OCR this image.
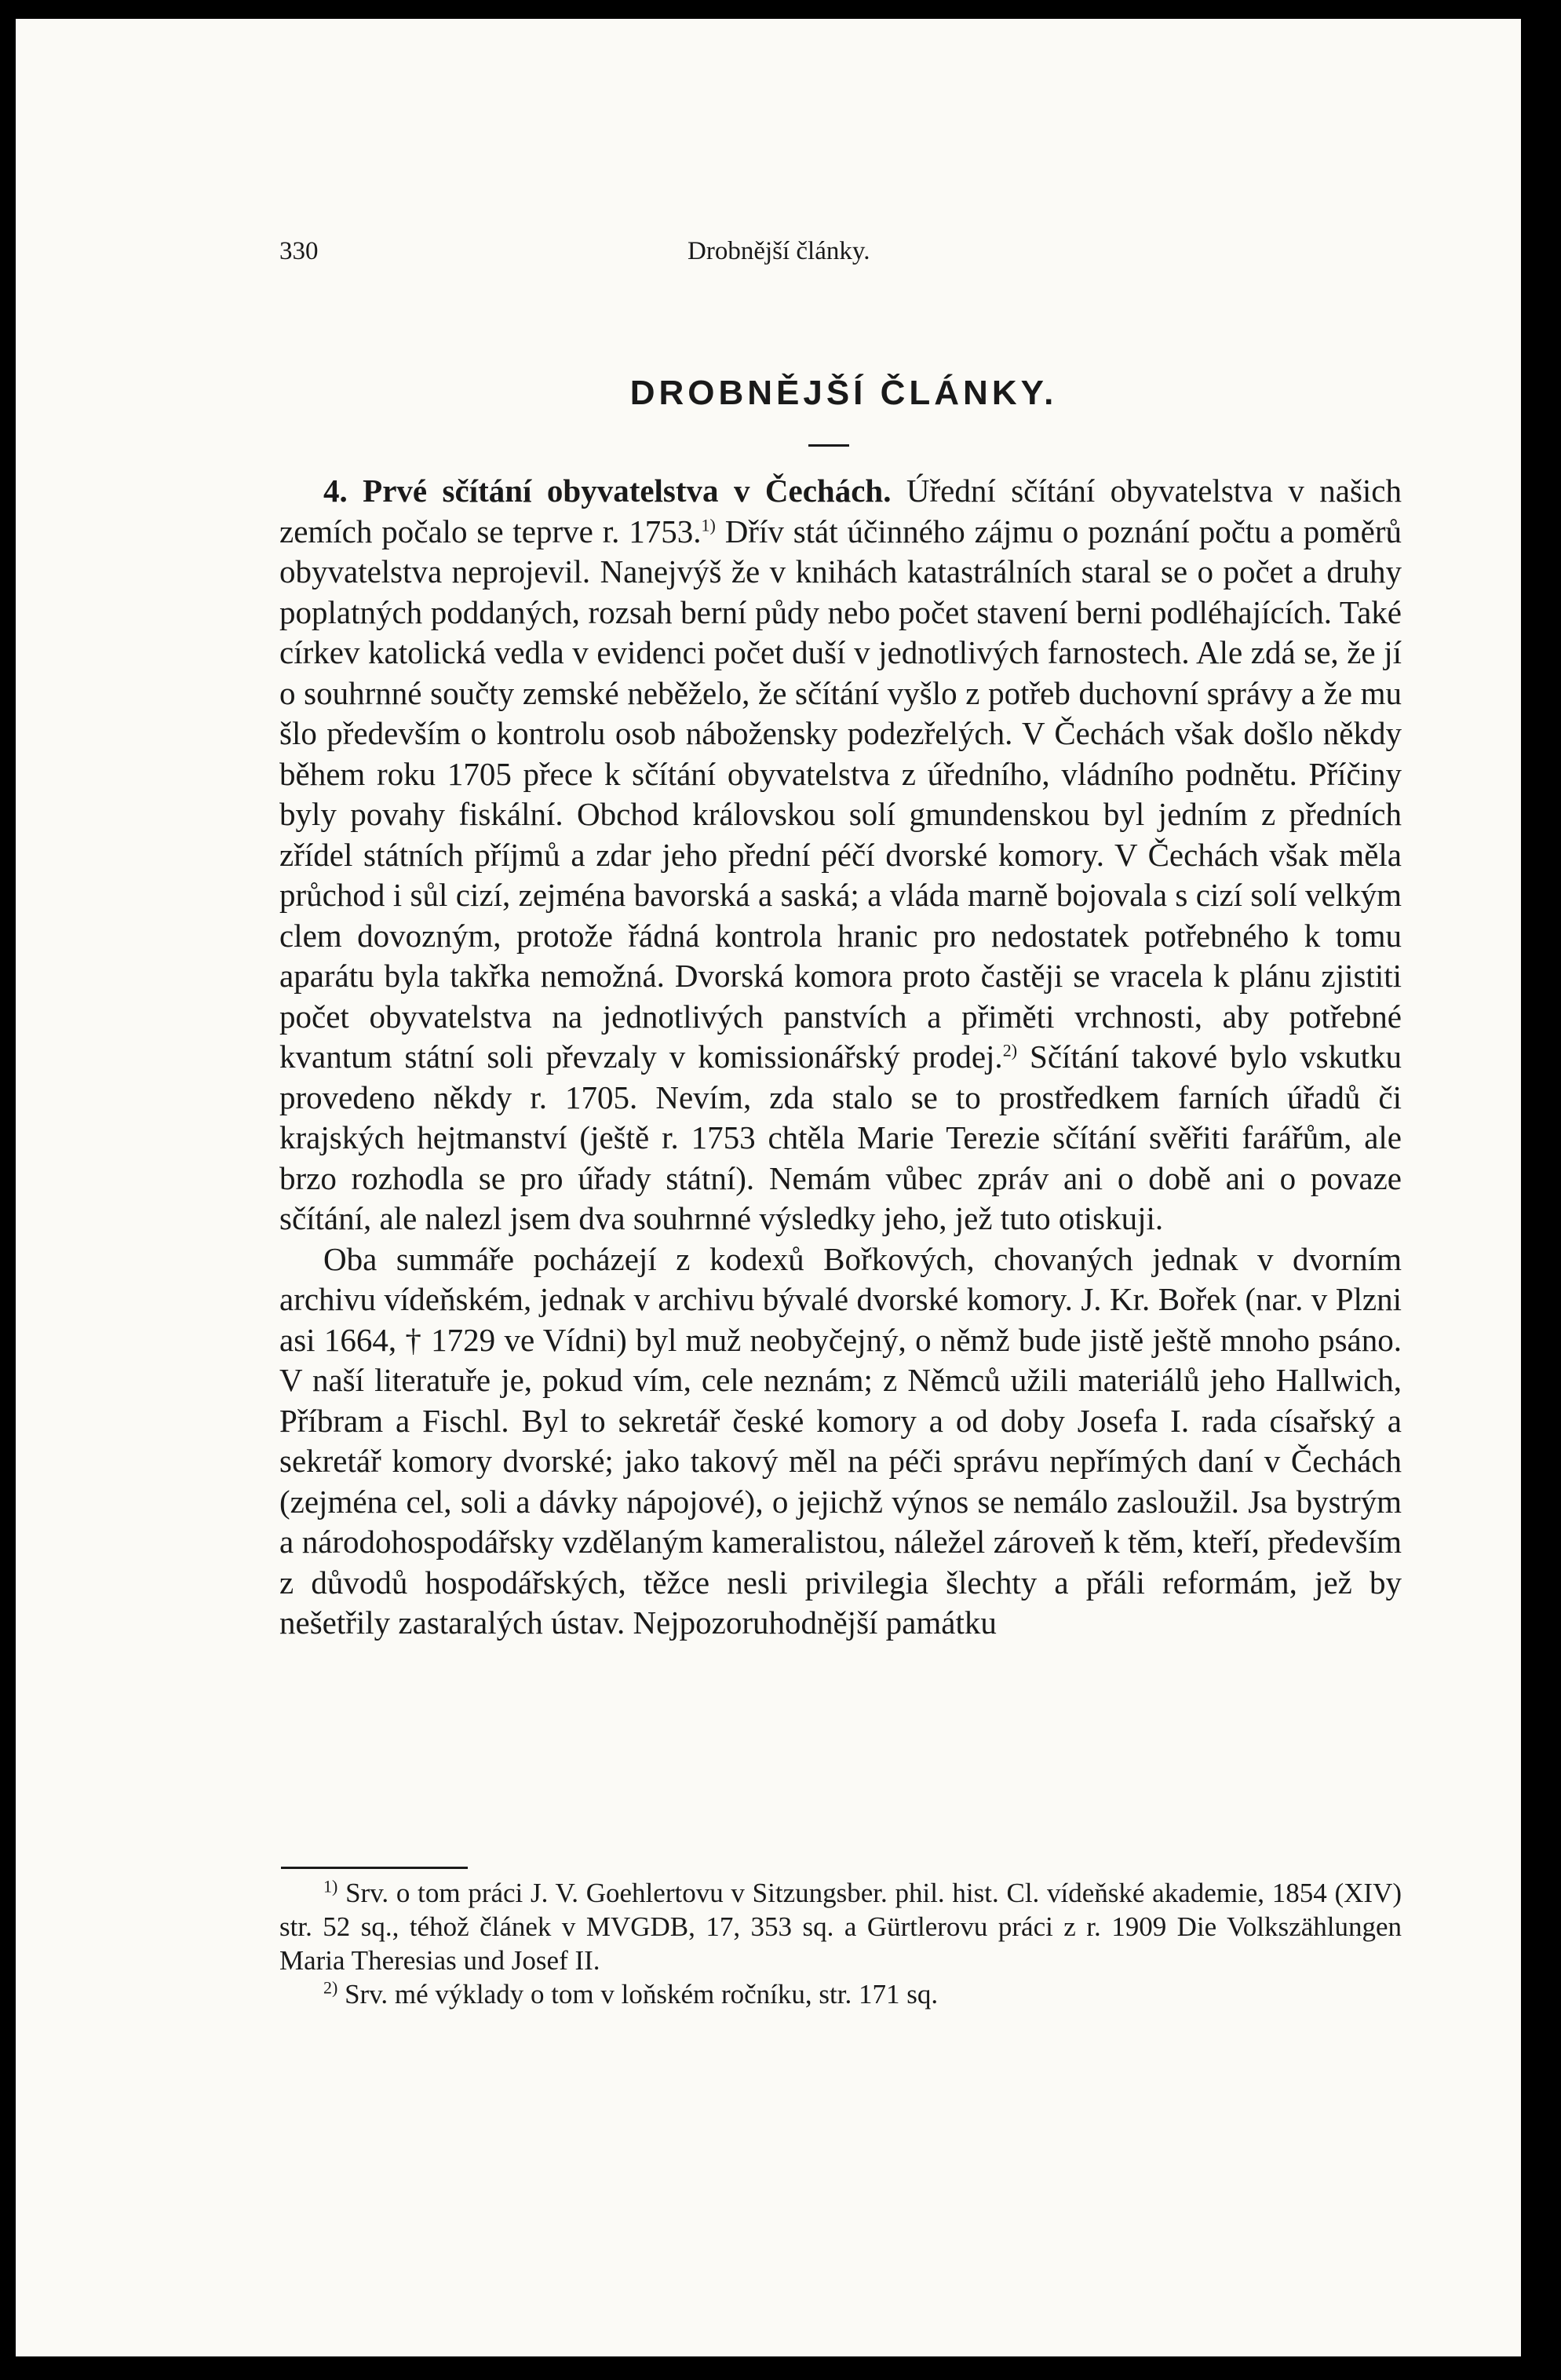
330	Drobnější články.
DROBNĚJŠÍ ČLÁNKY.

4. Prvé sčítání obyvatelstva v Čechách. Úřední sčítání obyvatelstva v našich zemích počalo se teprve r. 1753.$^{1)}$ Dřív stát účinného zájmu o poznání počtu a poměrů obyvatelstva neprojevil. Nanejvýš že v knihách katastrálních staral se o počet a druhy poplatných poddaných, rozsah berní půdy nebo počet stavení berni podléhajících. Také církev katolická vedla v evidenci počet duší v jednotlivých farnostech. Ale zdá se, že jí o souhrnné součty zemské neběželo, že sčítání vyšlo z potřeb duchovní správy a že mu šlo především o kontrolu osob nábožensky podezřelých. V Čechách však došlo někdy během roku 1705 přece k sčítání obyvatelstva z úředního, vládního podnětu. Příčiny byly povahy fiskální. Obchod královskou solí gmundenskou byl jedním z předních zřídel státních příjmů a zdar jeho přední péčí dvorské komory. V Čechách však měla průchod i sůl cizí, zejména bavorská a saská; a vláda marně bojovala s cizí solí velkým clem dovozným, protože řádná kontrola hranic pro nedostatek potřebného k tomu aparátu byla takřka nemožná. Dvorská komora proto častěji se vracela k plánu zjistiti počet obyvatelstva na jednotlivých panstvích a přiměti vrchnosti, aby potřebné kvantum státní soli převzaly v komissionářský prodej.$^{2)}$ Sčítání takové bylo vskutku provedeno někdy r. 1705. Nevím, zda stalo se to prostředkem farních úřadů či krajských hejtmanství (ještě r. 1753 chtěla Marie Terezie sčítání svěřiti farářům, ale brzo rozhodla se pro úřady státní). Nemám vůbec zpráv ani o době ani o povaze sčítání, ale nalezl jsem dva souhrnné výsledky jeho, jež tuto otiskuji.

Oba summáře pocházejí z kodexů Bořkových, chovaných jednak v dvorním archivu vídeňském, jednak v archivu bývalé dvorské komory. J. Kr. Bořek (nar. v Plzni asi 1664, † 1729 ve Vídni) byl muž neobyčejný, o němž bude jistě ještě mnoho psáno. V naší literatuře je, pokud vím, cele neznám; z Němců užili materiálů jeho Hallwich, Příbram a Fischl. Byl to sekretář české komory a od doby Josefa I. rada císařský a sekretář komory dvorské; jako takový měl na péči správu nepřímých daní v Čechách (zejména cel, soli a dávky nápojové), o jejichž výnos se nemálo zasloužil. Jsa bystrým a národohospodářsky vzdělaným kameralistou, náležel zároveň k těm, kteří, především z důvodů hospodářských, těžce nesli privilegia šlechty a přáli reformám, jež by nešetřily zastaralých ústav. Nejpozoruhodnější památku

$^{1)}$ Srv. o tom práci J. V. Goehlertovu v Sitzungsber. phil. hist. Cl. vídeňské akademie, 1854 (XIV) str. 52 sq., téhož článek v MVGDB, 17, 353 sq. a Gürtlerovu práci z r. 1909 Die Volkszählungen Maria Theresias und Josef II.

$^{2)}$ Srv. mé výklady o tom v loňském ročníku, str. 171 sq.
